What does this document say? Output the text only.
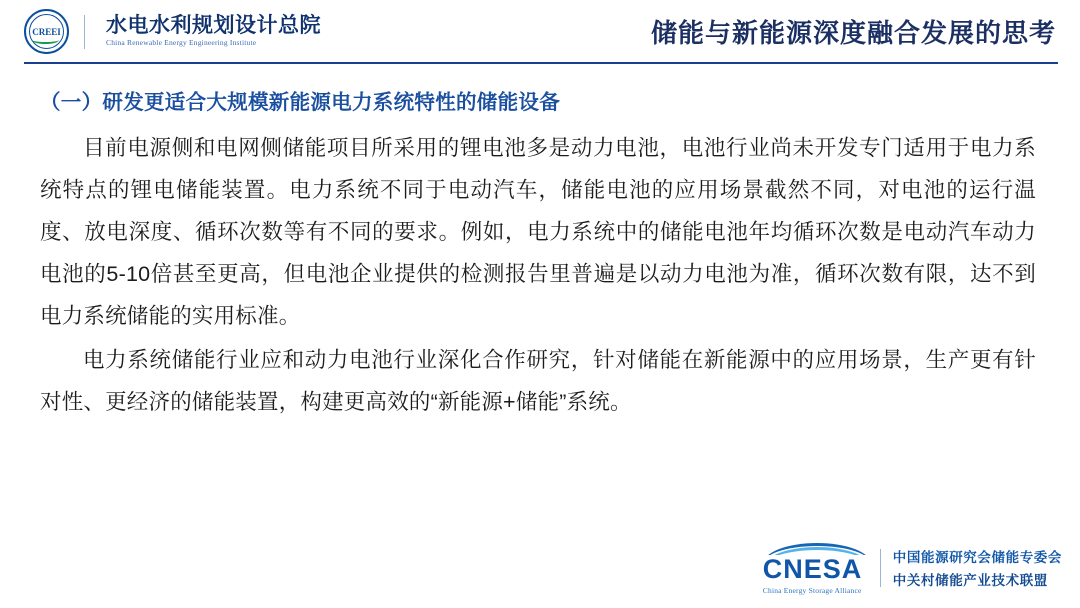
CREEI 水电水利规划设计总院
China Renewable Energy Engineering Institute	储能与新能源深度融合发展的思考
（一）研发更适合大规模新能源电力系统特性的储能设备

目前电源侧和电网侧储能项目所采用的锂电池多是动力电池，电池行业尚未开发专门适用于电力系统特点的锂电储能装置。电力系统不同于电动汽车，储能电池的应用场景截然不同，对电池的运行温度、放电深度、循环次数等有不同的要求。例如，电力系统中的储能电池年均循环次数是电动汽车动力电池的5-10倍甚至更高，但电池企业提供的检测报告里普遍是以动力电池为准，循环次数有限，达不到电力系统储能的实用标准。

电力系统储能行业应和动力电池行业深化合作研究，针对储能在新能源中的应用场景，生产更有针对性、更经济的储能装置，构建更高效的“新能源+储能”系统。

CNESA
China Energy Storage Alliance
中国能源研究会储能专委会
中关村储能产业技术联盟
